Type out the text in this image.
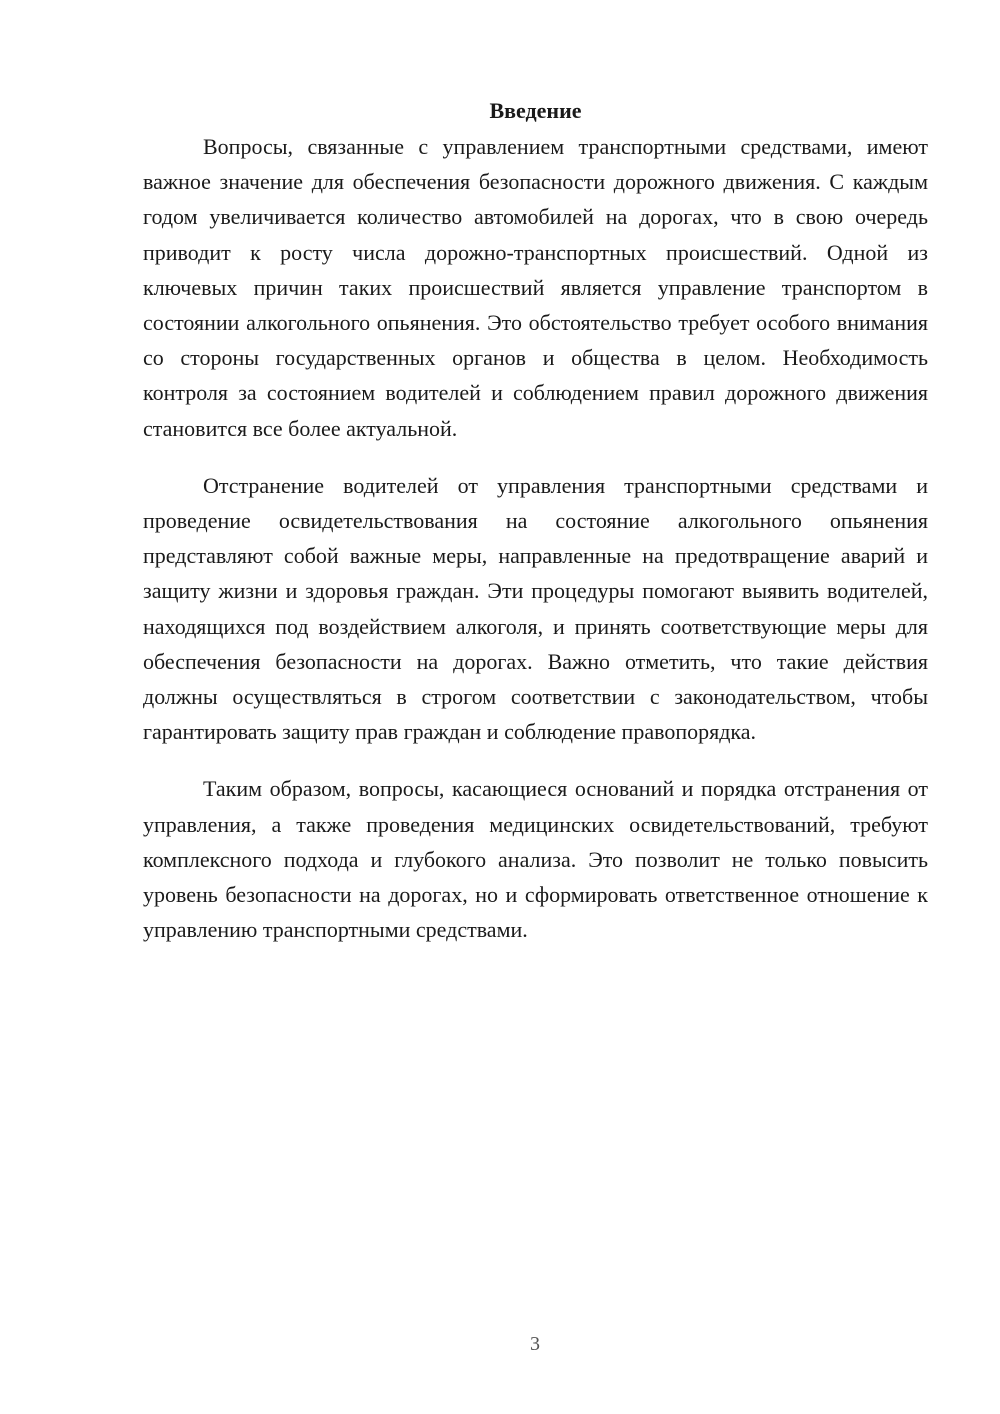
Введение

Вопросы, связанные с управлением транспортными средствами, имеют важное значение для обеспечения безопасности дорожного движения. С каждым годом увеличивается количество автомобилей на дорогах, что в свою очередь приводит к росту числа дорожно-транспортных происшествий. Одной из ключевых причин таких происшествий является управление транспортом в состоянии алкогольного опьянения. Это обстоятельство требует особого внимания со стороны государственных органов и общества в целом. Необходимость контроля за состоянием водителей и соблюдением правил дорожного движения становится все более актуальной.

Отстранение водителей от управления транспортными средствами и проведение освидетельствования на состояние алкогольного опьянения представляют собой важные меры, направленные на предотвращение аварий и защиту жизни и здоровья граждан. Эти процедуры помогают выявить водителей, находящихся под воздействием алкоголя, и принять соответствующие меры для обеспечения безопасности на дорогах. Важно отметить, что такие действия должны осуществляться в строгом соответствии с законодательством, чтобы гарантировать защиту прав граждан и соблюдение правопорядка.

Таким образом, вопросы, касающиеся оснований и порядка отстранения от управления, а также проведения медицинских освидетельствований, требуют комплексного подхода и глубокого анализа. Это позволит не только повысить уровень безопасности на дорогах, но и сформировать ответственное отношение к управлению транспортными средствами.

3
